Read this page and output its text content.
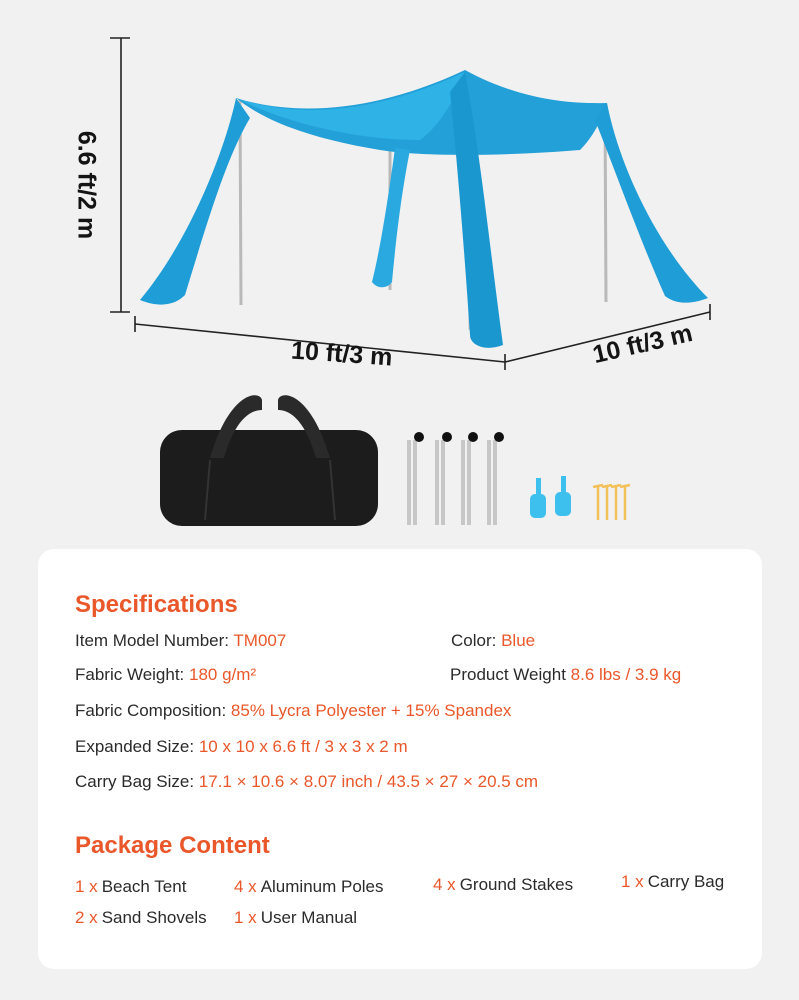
6.6 ft/2 m
10 ft/3 m	10 ft/3 m
Specifications
Item Model Number: TM007	Color: Blue
Fabric Weight: 180 g/m²	Product Weight 8.6 lbs / 3.9 kg
Fabric Composition: 85% Lycra Polyester + 15% Spandex
Expanded Size: 10 x 10 x 6.6 ft / 3 x 3 x 2 m
Carry Bag Size: 17.1 × 10.6 × 8.07 inch / 43.5 × 27 × 20.5 cm
Package Content
1 x Beach Tent	4 x Aluminum Poles	4 x Ground Stakes	1 x Carry Bag
2 x Sand Shovels 1 x User Manual
